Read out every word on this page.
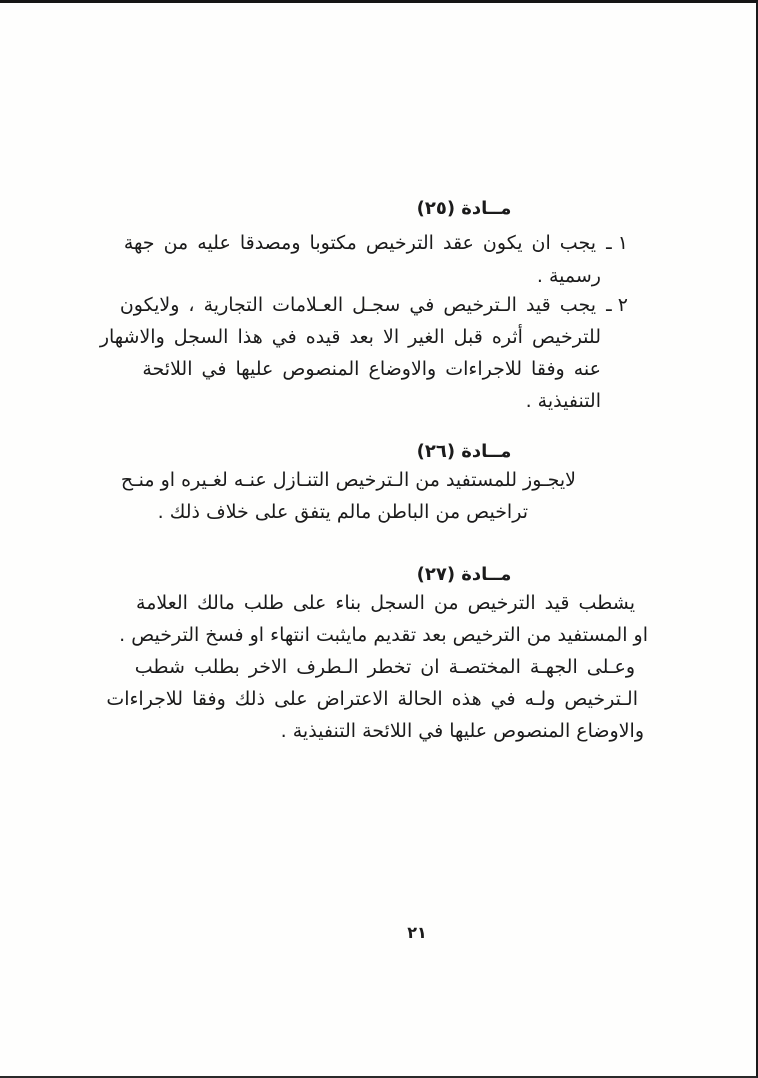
مــادة (٢٥)
١ ـ
يجب ان يكون عقد الترخيص مكتوبا ومصدقا عليه من جهة
رسمية .
٢ ـ
يجب قيد الـترخيص في سجـل العـلامات التجارية ، ولايكون
للترخيص أثره قبل الغير الا بعد قيده في هذا السجل والاشهار
عنه وفقا للاجراءات والاوضاع المنصوص عليها في اللائحة
التنفيذية .
مــادة (٢٦)
لايجـوز للمستفيد من الـترخيص التنـازل عنـه لغـيره او منـح
تراخيص من الباطن مالم يتفق على خلاف ذلك .
مــادة (٢٧)
يشطب قيد الترخيص من السجل بناء على طلب مالك العلامة
او المستفيد من الترخيص بعد تقديم مايثبت انتهاء او فسخ الترخيص .
وعـلى الجهـة المختصـة ان تخطر الـطرف الاخر بطلب شطب
الـترخيص ولـه في هذه الحالة الاعتراض على ذلك وفقا للاجراءات
والاوضاع المنصوص عليها في اللائحة التنفيذية .
٢١
